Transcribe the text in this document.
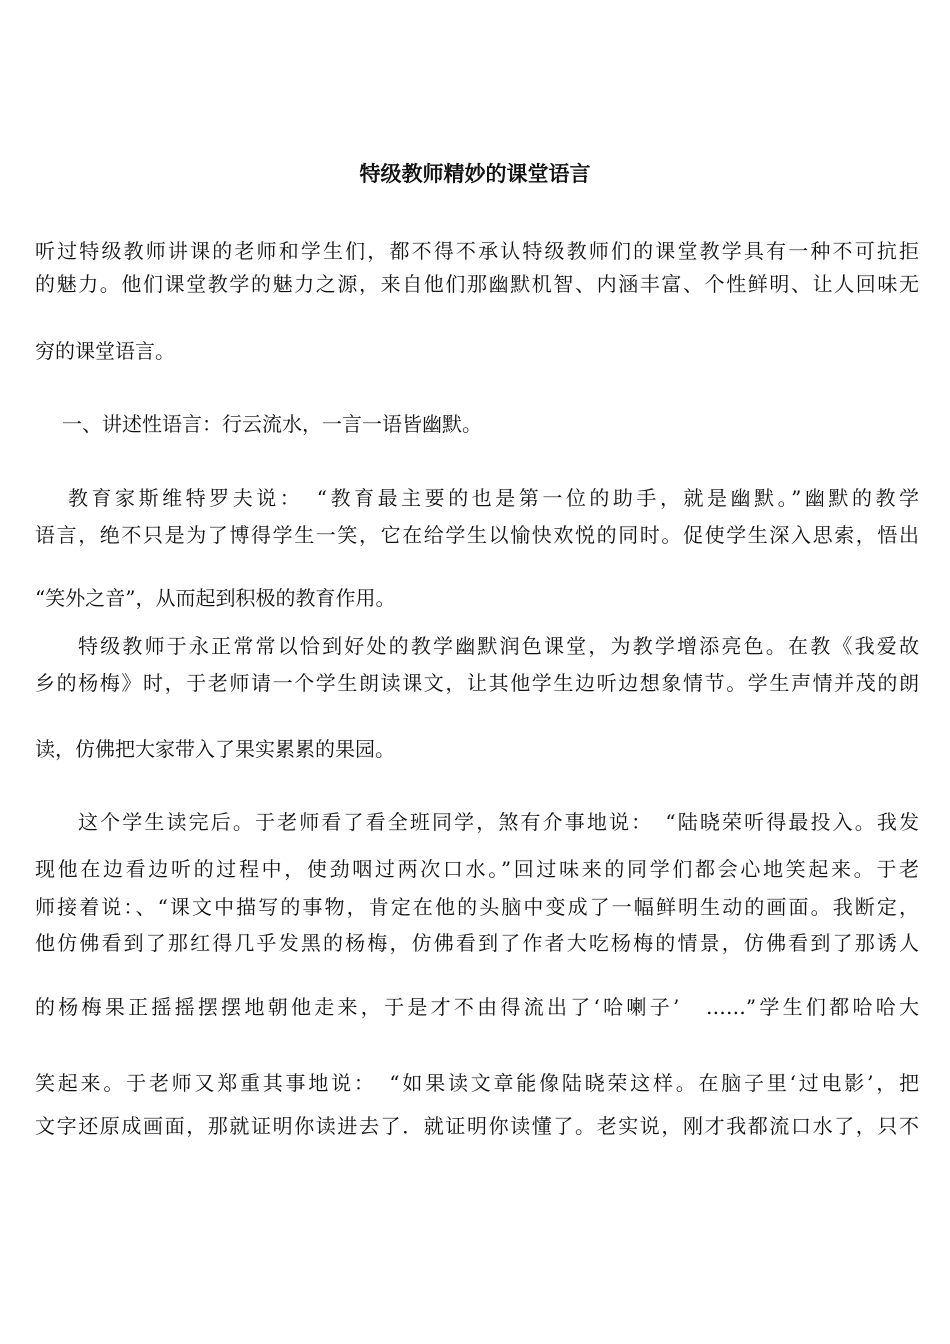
特级教师精妙的课堂语言
听过特级教师讲课的老师和学生们，都不得不承认特级教师们的课堂教学具有一种不可抗拒
的魅力。他们课堂教学的魅力之源，来自他们那幽默机智、内涵丰富、个性鲜明、让人回味无
穷的课堂语言。
一、讲述性语言：行云流水，一言一语皆幽默。
教育家斯维特罗夫说：　“教育最主要的也是第一位的助手，就是幽默。”幽默的教学
语言，绝不只是为了博得学生一笑，它在给学生以愉快欢悦的同时。促使学生深入思索，悟出
“笑外之音”，从而起到积极的教育作用。
特级教师于永正常常以恰到好处的教学幽默润色课堂，为教学增添亮色。在教《我爱故
乡的杨梅》时，于老师请一个学生朗读课文，让其他学生边听边想象情节。学生声情并茂的朗
读，仿佛把大家带入了果实累累的果园。
这个学生读完后。于老师看了看全班同学，煞有介事地说：　“陆晓荣听得最投入。我发
现他在边看边听的过程中，使劲咽过两次口水。”回过味来的同学们都会心地笑起来。于老
师接着说：、“课文中描写的事物，肯定在他的头脑中变成了一幅鲜明生动的画面。我断定，
他仿佛看到了那红得几乎发黑的杨梅，仿佛看到了作者大吃杨梅的情景，仿佛看到了那诱人
的杨梅果正摇摇摆摆地朝他走来，于是才不由得流出了‘哈喇子’　……”学生们都哈哈大
笑起来。于老师又郑重其事地说：　“如果读文章能像陆晓荣这样。在脑子里‘过电影’，把
文字还原成画面，那就证明你读进去了．就证明你读懂了。老实说，刚才我都流口水了，只不
